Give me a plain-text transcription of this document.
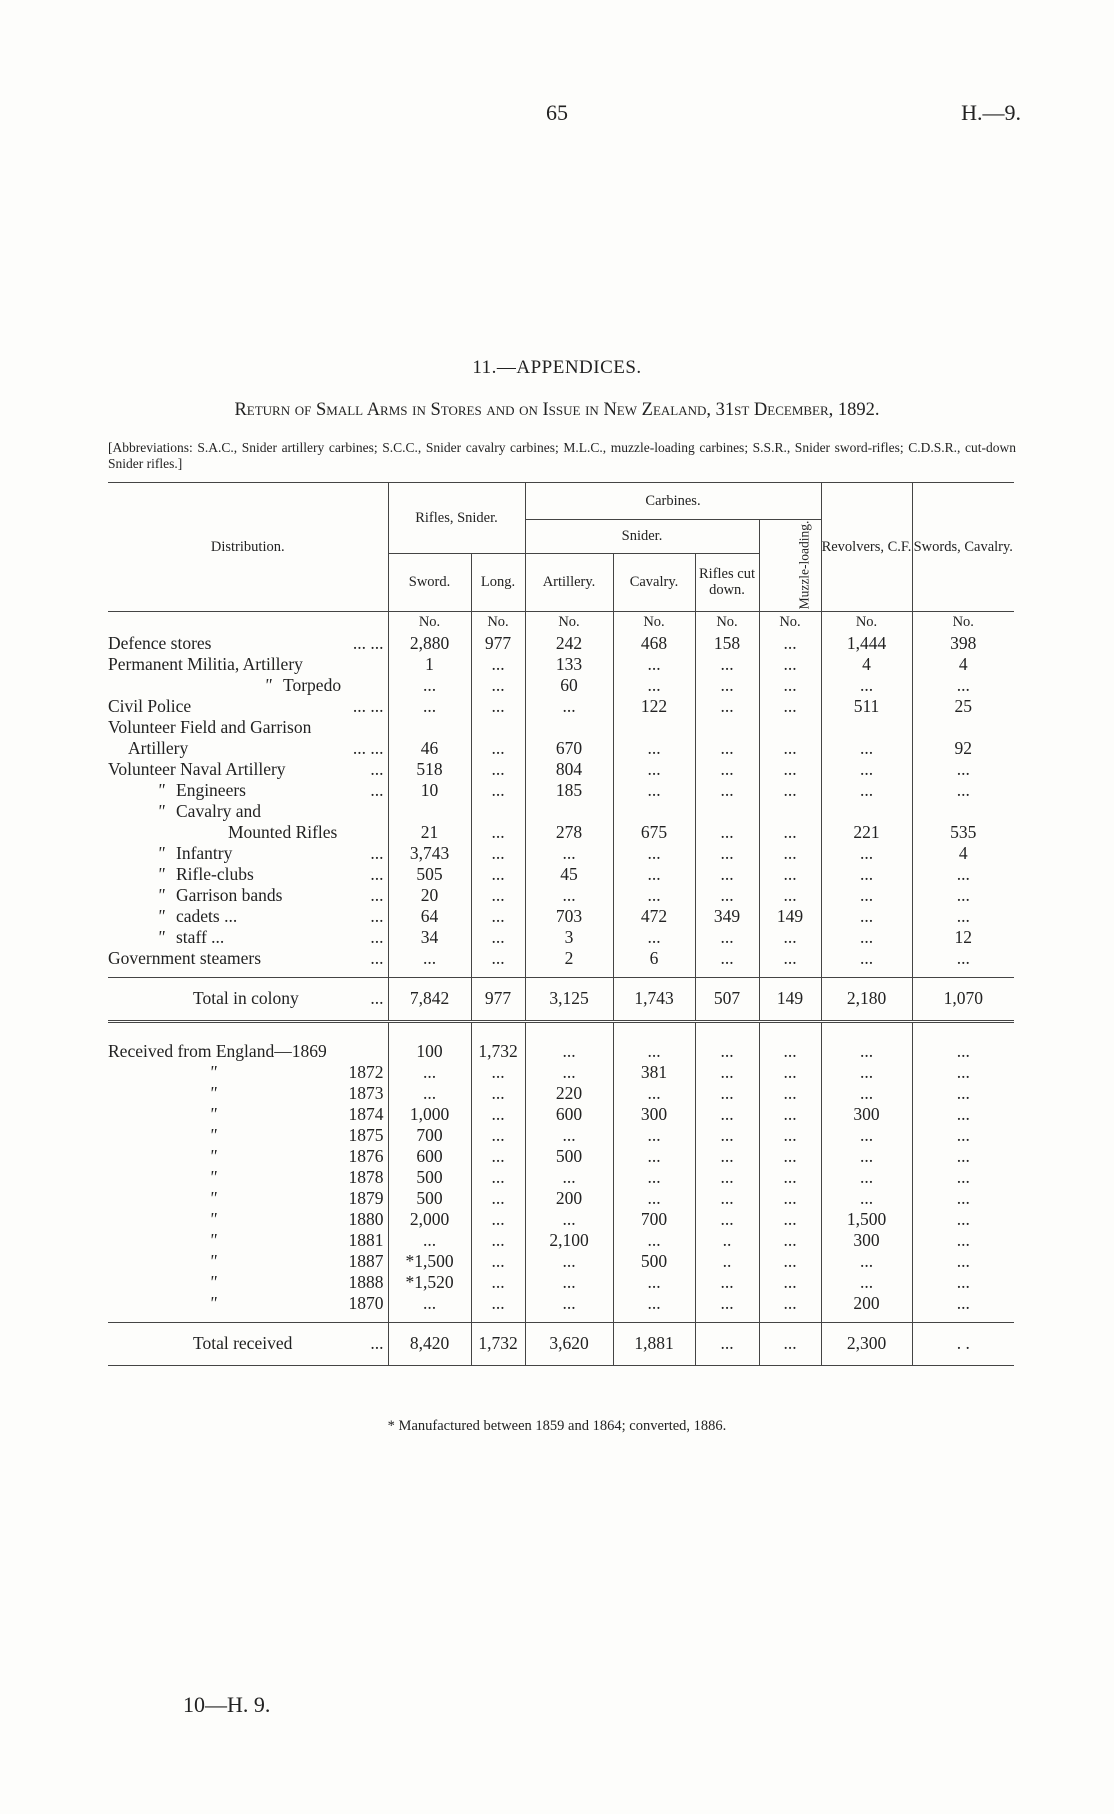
65	H.—9.
11.—APPENDICES.
Return of Small Arms in Stores and on Issue in New Zealand, 31st December, 1892.
[Abbreviations: S.A.C., Snider artillery carbines; S.C.C., Snider cavalry carbines; M.L.C., muzzle-loading carbines; S.S.R., Snider sword-rifles; C.D.S.R., cut-down Snider rifles.]

Distribution.	Rifles, Snider.		Carbines.				Revolvers, C.F.	Swords, Cavalry.
			Snider.			Muzzle-loading.		
	Sword.	Long.	Artillery.	Cavalry.	Rifles cut down.			

	No.	No.	No.	No.	No.	No.	No.	No.
Defence stores ... ...	2,880	977	242	468	158	...	1,444	398
Permanent Militia, Artillery	1	...	133	...	...	...	4	4
" Torpedo	...	...	60	...	...	...	...	...
Civil Police ... ...	...	...	...	122	...	...	511	25
Volunteer Field and Garrison								
Artillery ... ...	46	...	670	...	...	...	...	92
Volunteer Naval Artillery ...	518	...	804	...	...	...	...	...
" Engineers ...	10	...	185	...	...	...	...	...
" Cavalry and								
Mounted Rifles	21	...	278	675	...	...	221	535
" Infantry ...	3,743	...	...	...	...	...	...	4
" Rifle-clubs ...	505	...	45	...	...	...	...	...
" Garrison bands ...	20	...	...	...	...	...	...	...
" cadets ... ...	64	...	703	472	349	149	...	...
" staff ... ...	34	...	3	...	...	...	...	12
Government steamers ...	...	...	2	6	...	...	...	...

Total in colony ...	7,842	977	3,125	1,743	507	149	2,180	1,070

Received from England—1869	100	1,732	...	...	...	...	...	...
" 1872	...	...	...	381	...	...	...	...
" 1873	...	...	220	...	...	...	...	...
" 1874	1,000	...	600	300	...	...	300	...
" 1875	700	...	...	...	...	...	...	...
" 1876	600	...	500	...	...	...	...	...
" 1878	500	...	...	...	...	...	...	...
" 1879	500	...	200	...	...	...	...	...
" 1880	2,000	...	...	700	...	...	1,500	...
" 1881	...	...	2,100	...	..	...	300	...
" 1887	*1,500	...	...	500	..	...	...	...
" 1888	*1,520	...	...	...	...	...	...	...
" 1870	...	...	...	...	...	...	200	...

Total received ...	8,420	1,732	3,620	1,881	...	...	2,300	. .
* Manufactured between 1859 and 1864; converted, 1886.
10—H. 9.
